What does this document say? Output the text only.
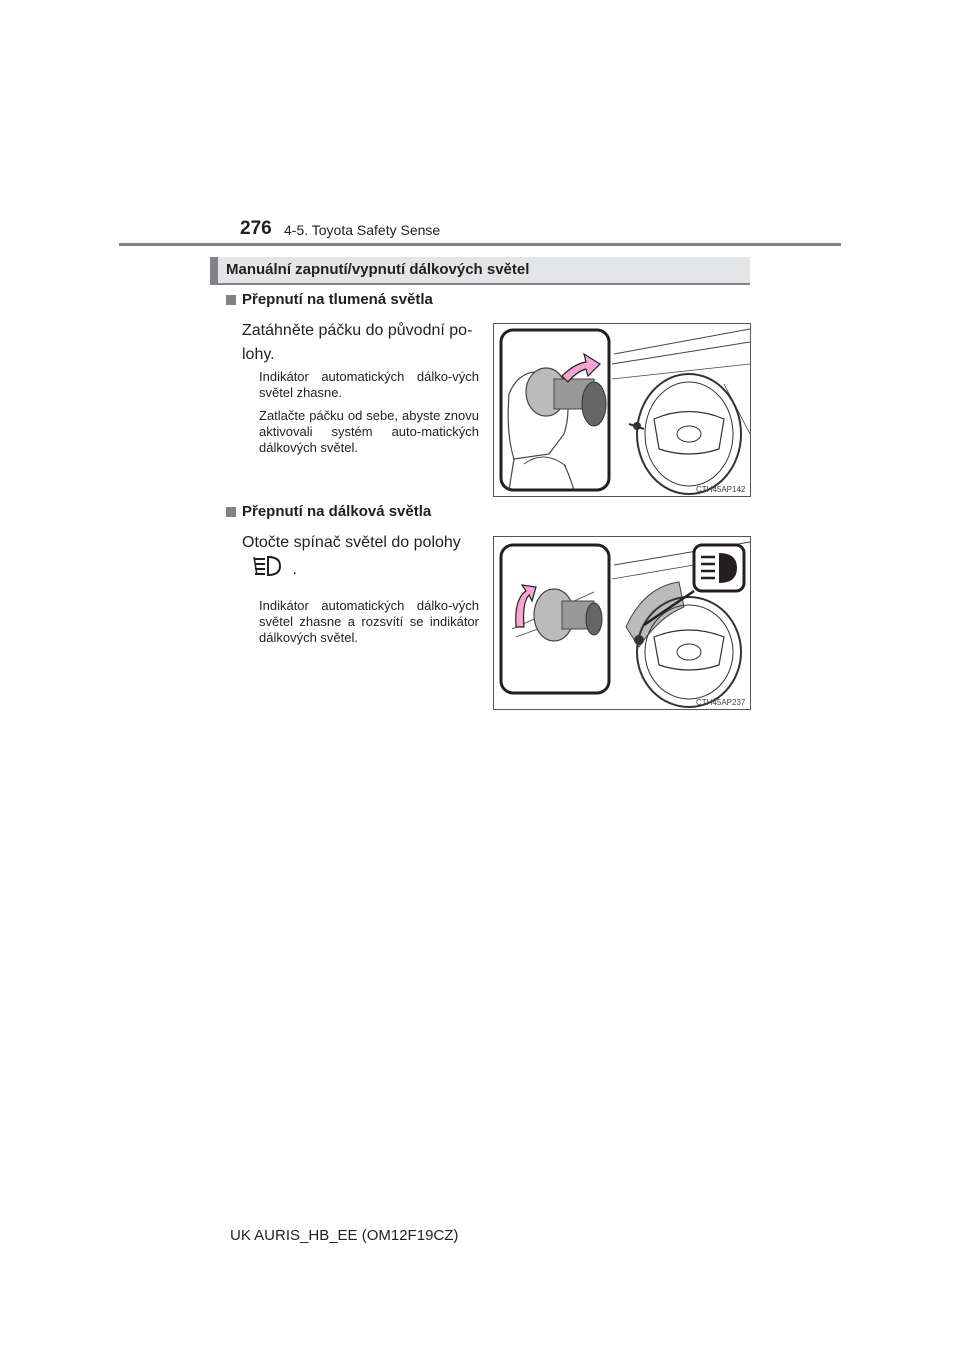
276 4-5. Toyota Safety Sense
Manuální zapnutí/vypnutí dálkových světel
Přepnutí na tlumená světla
Zatáhněte páčku do původní po-
lohy.
Indikátor automatických dálko-vých světel zhasne.
Zatlačte páčku od sebe, abyste znovu aktivovali systém auto-matických dálkových světel.
CTH45AP142
Přepnutí na dálková světla
Otočte spínač světel do polohy
.
Indikátor automatických dálko-vých světel zhasne a rozsvítí se indikátor dálkových světel.
CTH45AP237
UK AURIS_HB_EE (OM12F19CZ)
